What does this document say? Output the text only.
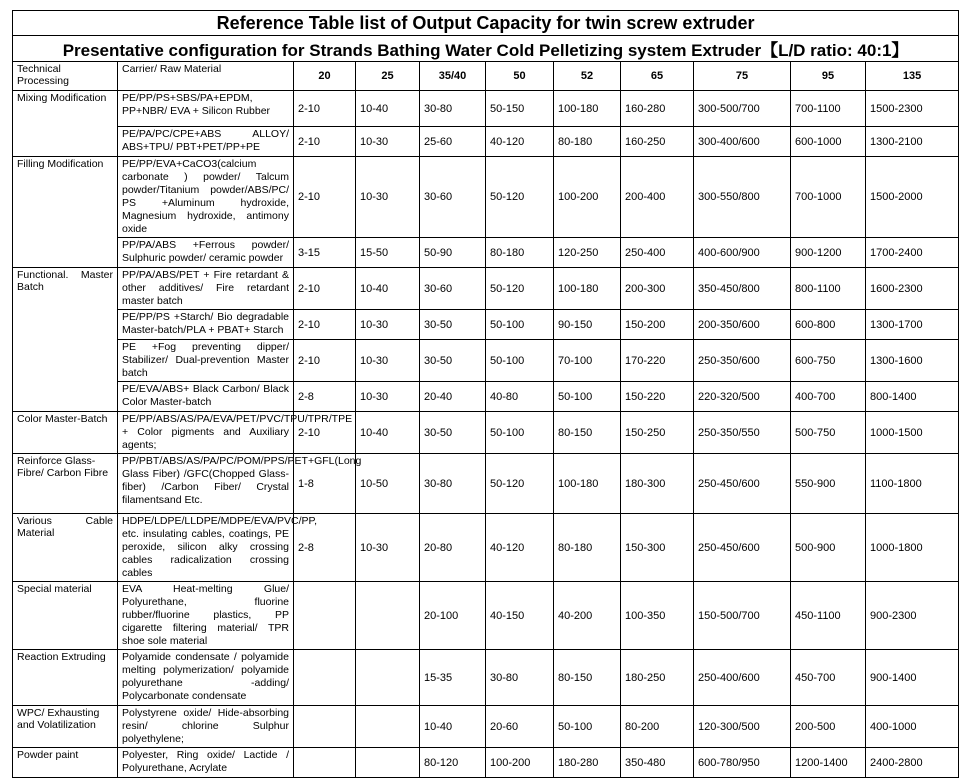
Reference Table list of Output Capacity for twin screw extruder										
Presentative configuration for Strands Bathing Water Cold Pelletizing system Extruder【L/D ratio: 40:1】										
Technical Processing	Carrier/ Raw Material	20	25	35/40	50	52	65	75	95	135
Mixing Modification	PE/PP/PS+SBS/PA+EPDM, PP+NBR/ EVA + Silicon Rubber	2-10	10-40	30-80	50-150	100-180	160-280	300-500/700	700-1100	1500-2300
	PE/PA/PC/CPE+ABS ALLOY/ ABS+TPU/ PBT+PET/PP+PE	2-10	10-30	25-60	40-120	80-180	160-250	300-400/600	600-1000	1300-2100
Filling Modification	PE/PP/EVA+CaCO3(calcium carbonate ) powder/ Talcum powder/Titanium powder/ABS/PC/ PS +Aluminum hydroxide, Magnesium hydroxide, antimony oxide	2-10	10-30	30-60	50-120	100-200	200-400	300-550/800	700-1000	1500-2000
	PP/PA/ABS +Ferrous powder/ Sulphuric powder/ ceramic powder	3-15	15-50	50-90	80-180	120-250	250-400	400-600/900	900-1200	1700-2400
Functional. Master Batch	PP/PA/ABS/PET + Fire retardant & other additives/ Fire retardant master batch	2-10	10-40	30-60	50-120	100-180	200-300	350-450/800	800-1100	1600-2300
	PE/PP/PS +Starch/ Bio degradable Master-batch/PLA + PBAT+ Starch	2-10	10-30	30-50	50-100	90-150	150-200	200-350/600	600-800	1300-1700
	PE +Fog preventing dipper/ Stabilizer/ Dual-prevention Master batch	2-10	10-30	30-50	50-100	70-100	170-220	250-350/600	600-750	1300-1600
	PE/EVA/ABS+ Black Carbon/ Black Color Master-batch	2-8	10-30	20-40	40-80	50-100	150-220	220-320/500	400-700	800-1400
Color Master-Batch	PE/PP/ABS/AS/PA/EVA/PET/PVC/TPU/TPR/TPE + Color pigments and Auxiliary agents;	2-10	10-40	30-50	50-100	80-150	150-250	250-350/550	500-750	1000-1500
Reinforce Glass-Fibre/ Carbon Fibre	PP/PBT/ABS/AS/PA/PC/POM/PPS/PET+GFL(Long Glass Fiber) /GFC(Chopped Glass-fiber) /Carbon Fiber/ Crystal filamentsand Etc.	1-8	10-50	30-80	50-120	100-180	180-300	250-450/600	550-900	1100-1800
Various Cable Material	HDPE/LDPE/LLDPE/MDPE/EVA/PVC/PP, etc. insulating cables, coatings, PE peroxide, silicon alky crossing cables radicalization crossing cables	2-8	10-30	20-80	40-120	80-180	150-300	250-450/600	500-900	1000-1800
Special material	EVA Heat-melting Glue/ Polyurethane, fluorine rubber/fluorine plastics, PP cigarette filtering material/ TPR shoe sole material			20-100	40-150	40-200	100-350	150-500/700	450-1100	900-2300
Reaction Extruding	Polyamide condensate / polyamide melting polymerization/ polyamide polyurethane -adding/ Polycarbonate condensate			15-35	30-80	80-150	180-250	250-400/600	450-700	900-1400
WPC/ Exhausting and Volatilization	Polystyrene oxide/ Hide-absorbing resin/ chlorine Sulphur polyethylene;			10-40	20-60	50-100	80-200	120-300/500	200-500	400-1000
Powder paint	Polyester, Ring oxide/ Lactide / Polyurethane, Acrylate			80-120	100-200	180-280	350-480	600-780/950	1200-1400	2400-2800
